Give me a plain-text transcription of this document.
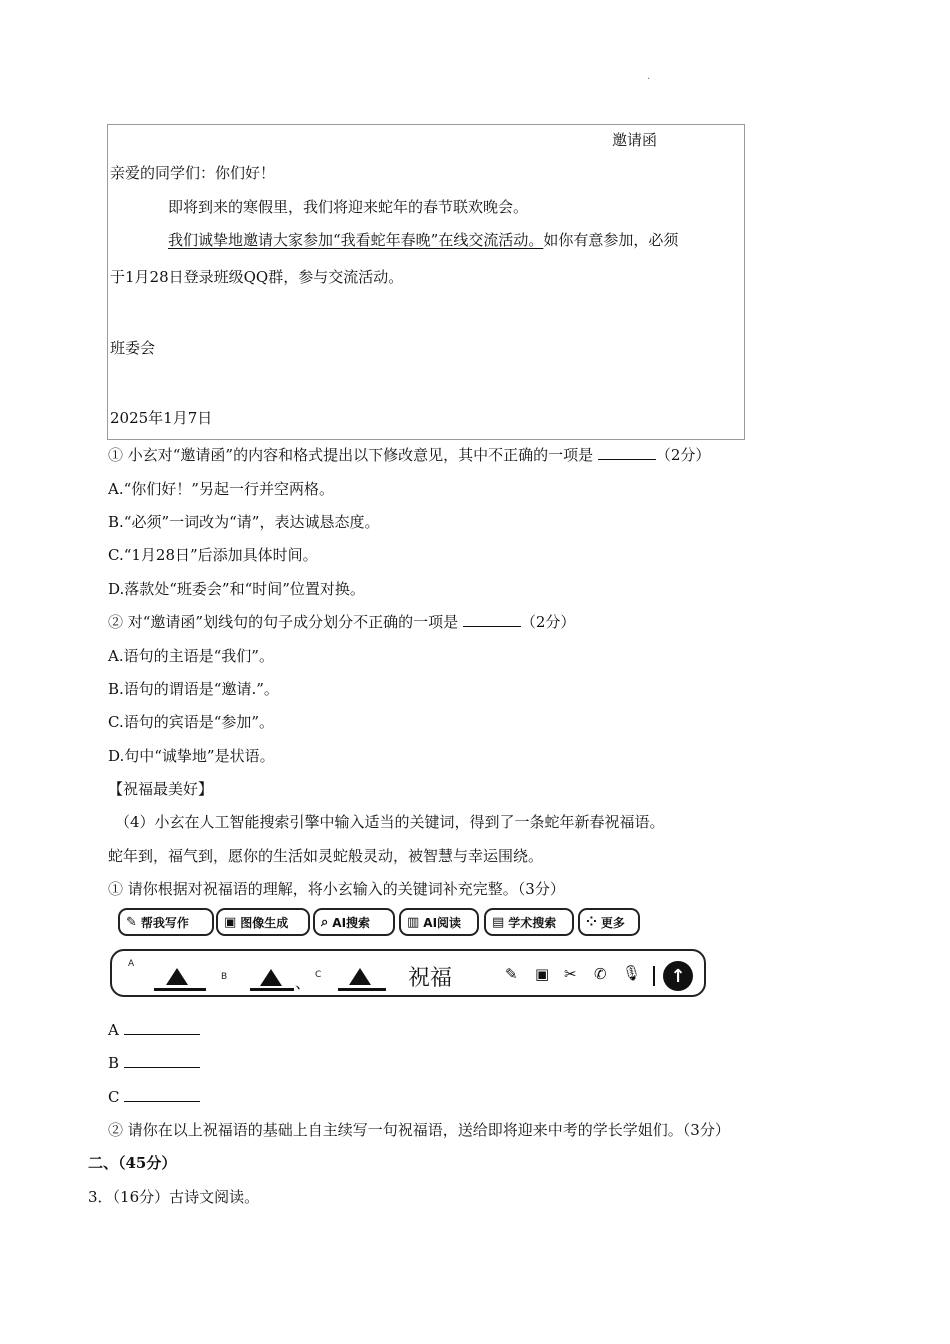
·
邀请函
亲爱的同学们：你们好！
即将到来的寒假里，我们将迎来蛇年的春节联欢晚会。
我们诚挚地邀请大家参加“我看蛇年春晚”在线交流活动。如你有意参加，必须
于1月28日登录班级QQ群，参与交流活动。
班委会
2025年1月7日
① 小玄对“邀请函”的内容和格式提出以下修改意见，其中不正确的一项是	（2分）
A.“你们好！”另起一行并空两格。
B.“必须”一词改为“请”，表达诚恳态度。
C.“1月28日”后添加具体时间。
D.落款处“班委会”和“时间”位置对换。
② 对“邀请函”划线句的句子成分划分不正确的一项是	（2分）
A.语句的主语是“我们”。
B.语句的谓语是“邀请.”。
C.语句的宾语是“参加”。
D.句中“诚挚地”是状语。
【祝福最美好】
（4）小玄在人工智能搜索引擎中输入适当的关键词，得到了一条蛇年新春祝福语。
蛇年到，福气到，愿你的生活如灵蛇般灵动，被智慧与幸运围绕。
① 请你根据对祝福语的理解，将小玄输入的关键词补充完整。（3分）
✎ 帮我写作	▣ 图像生成	⌕ AI搜索	▥ AI阅读 ▤ 学术搜索 ⁘ 更多
A
B	、 C	祝福	✎ ▣ ✂ ✆ 🎙 ↑
A
B
C
② 请你在以上祝福语的基础上自主续写一句祝福语，送给即将迎来中考的学长学姐们。（3分）
二、（45分）
3．（16分）古诗文阅读。
